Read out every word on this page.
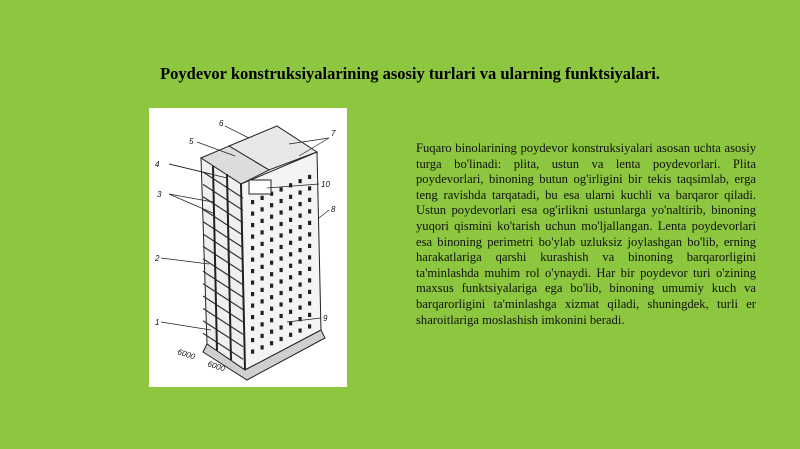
Poydevor konstruksiyalarining asosiy turlari va ularning funktsiyalari.
1
2
3
4
5
6
7
8
9
10
6000
6000
Fuqaro binolarining poydevor konstruksiyalari asosan uchta asosiy turga bo'linadi: plita, ustun va lenta poydevorlari. Plita poydevorlari, binoning butun og'irligini bir tekis taqsimlab, erga teng ravishda tarqatadi, bu esa ularni kuchli va barqaror qiladi. Ustun poydevorlari esa og'irlikni ustunlarga yo'naltirib, binoning yuqori qismini ko'tarish uchun mo'ljallangan. Lenta poydevorlari esa binoning perimetri bo'ylab uzluksiz joylashgan bo'lib, erning harakatlariga qarshi kurashish va binoning barqarorligini ta'minlashda muhim rol o'ynaydi. Har bir poydevor turi o'zining maxsus funktsiyalariga ega bo'lib, binoning umumiy kuch va barqarorligini ta'minlashga xizmat qiladi, shuningdek, turli er sharoitlariga moslashish imkonini beradi.
